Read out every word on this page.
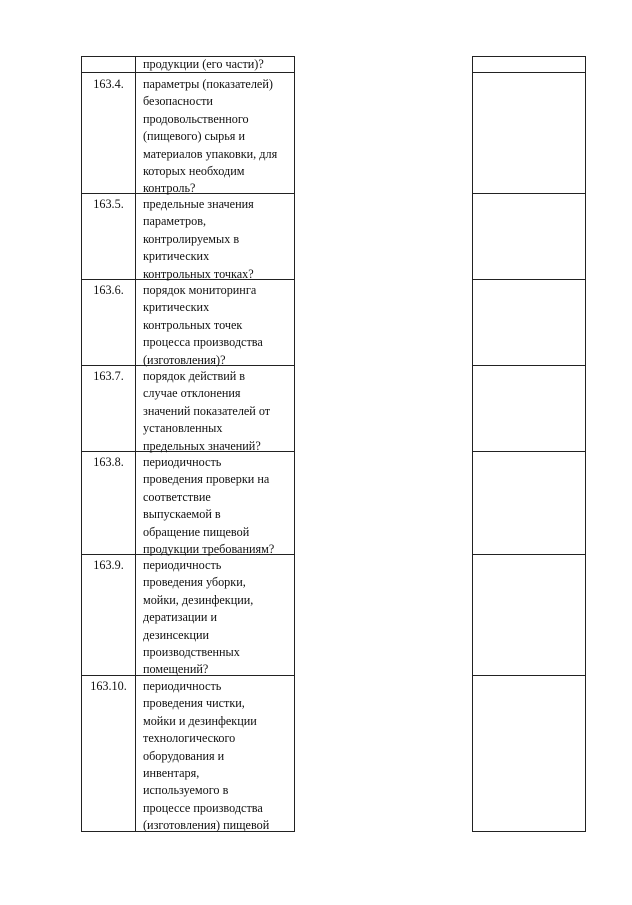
продукции (его части)?
163.4.	параметры (показателей)
безопасности
продовольственного
(пищевого) сырья и
материалов упаковки, для
которых необходим
контроль?
163.5.	предельные значения
параметров,
контролируемых в
критических
контрольных точках?
163.6.	порядок мониторинга
критических
контрольных точек
процесса производства
(изготовления)?
163.7.	порядок действий в
случае отклонения
значений показателей от
установленных
предельных значений?
163.8.	периодичность
проведения проверки на
соответствие
выпускаемой в
обращение пищевой
продукции требованиям?
163.9.	периодичность
проведения уборки,
мойки, дезинфекции,
дератизации и
дезинсекции
производственных
помещений?
163.10.	периодичность
проведения чистки,
мойки и дезинфекции
технологического
оборудования и
инвентаря,
используемого в
процессе производства
(изготовления) пищевой
